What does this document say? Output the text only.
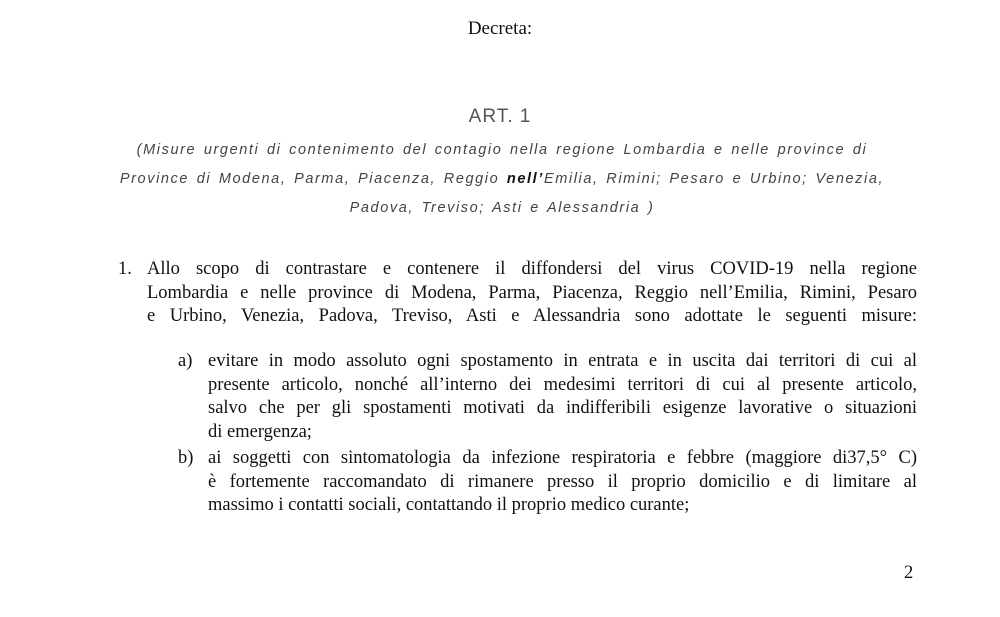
Decreta:
ART. 1
(Misure urgenti di contenimento del contagio nella regione Lombardia e nelle province di
Province di Modena, Parma, Piacenza, Reggio nell’Emilia, Rimini; Pesaro e Urbino; Venezia,
Padova, Treviso; Asti e Alessandria )
1. Allo scopo di contrastare e contenere il diffondersi del virus COVID-19 nella regione
Lombardia e nelle province di Modena, Parma, Piacenza, Reggio nell’Emilia, Rimini, Pesaro
e Urbino, Venezia, Padova, Treviso, Asti e Alessandria sono adottate le seguenti misure:
a) evitare in modo assoluto ogni spostamento in entrata e in uscita dai territori di cui al
presente articolo, nonché all’interno dei medesimi territori di cui al presente articolo,
salvo che per gli spostamenti motivati da indifferibili esigenze lavorative o situazioni
di emergenza;
b) ai soggetti con sintomatologia da infezione respiratoria e febbre (maggiore di37,5° C)
è fortemente raccomandato di rimanere presso il proprio domicilio e di limitare al
massimo i contatti sociali, contattando il proprio medico curante;
2
